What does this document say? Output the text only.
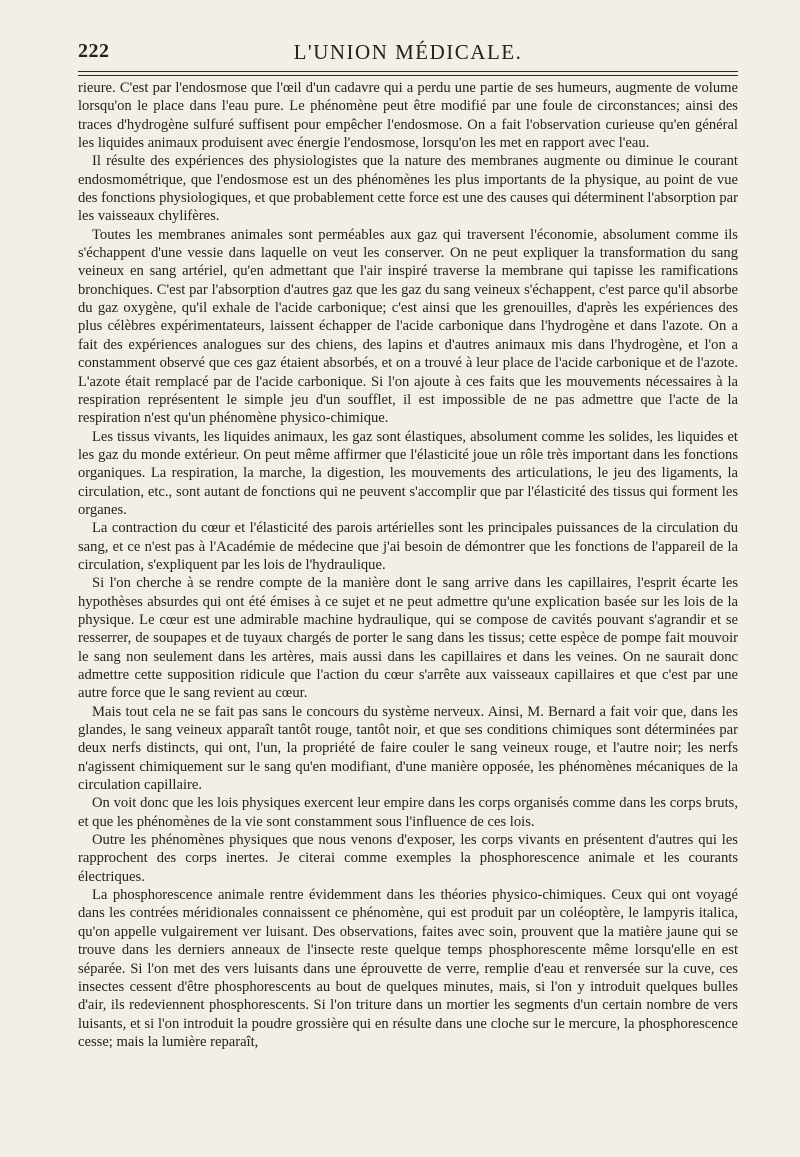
222	L'UNION MÉDICALE.

rieure. C'est par l'endosmose que l'œil d'un cadavre qui a perdu une partie de ses humeurs, augmente de volume lorsqu'on le place dans l'eau pure. Le phénomène peut être modifié par une foule de circonstances; ainsi des traces d'hydrogène sulfuré suffisent pour empêcher l'endosmose. On a fait l'observation curieuse qu'en général les liquides animaux produisent avec énergie l'endosmose, lorsqu'on les met en rapport avec l'eau.

Il résulte des expériences des physiologistes que la nature des membranes augmente ou diminue le courant endosmométrique, que l'endosmose est un des phénomènes les plus importants de la physique, au point de vue des fonctions physiologiques, et que probablement cette force est une des causes qui déterminent l'absorption par les vaisseaux chylifères.

Toutes les membranes animales sont perméables aux gaz qui traversent l'économie, absolument comme ils s'échappent d'une vessie dans laquelle on veut les conserver. On ne peut expliquer la transformation du sang veineux en sang artériel, qu'en admettant que l'air inspiré traverse la membrane qui tapisse les ramifications bronchiques. C'est par l'absorption d'autres gaz que les gaz du sang veineux s'échappent, c'est parce qu'il absorbe du gaz oxygène, qu'il exhale de l'acide carbonique; c'est ainsi que les grenouilles, d'après les expériences des plus célèbres expérimentateurs, laissent échapper de l'acide carbonique dans l'hydrogène et dans l'azote. On a fait des expériences analogues sur des chiens, des lapins et d'autres animaux mis dans l'hydrogène, et l'on a constamment observé que ces gaz étaient absorbés, et on a trouvé à leur place de l'acide carbonique et de l'azote. L'azote était remplacé par de l'acide carbonique. Si l'on ajoute à ces faits que les mouvements nécessaires à la respiration représentent le simple jeu d'un soufflet, il est impossible de ne pas admettre que l'acte de la respiration n'est qu'un phénomène physico-chimique.

Les tissus vivants, les liquides animaux, les gaz sont élastiques, absolument comme les solides, les liquides et les gaz du monde extérieur. On peut même affirmer que l'élasticité joue un rôle très important dans les fonctions organiques. La respiration, la marche, la digestion, les mouvements des articulations, le jeu des ligaments, la circulation, etc., sont autant de fonctions qui ne peuvent s'accomplir que par l'élasticité des tissus qui forment les organes.

La contraction du cœur et l'élasticité des parois artérielles sont les principales puissances de la circulation du sang, et ce n'est pas à l'Académie de médecine que j'ai besoin de démontrer que les fonctions de l'appareil de la circulation, s'expliquent par les lois de l'hydraulique.

Si l'on cherche à se rendre compte de la manière dont le sang arrive dans les capillaires, l'esprit écarte les hypothèses absurdes qui ont été émises à ce sujet et ne peut admettre qu'une explication basée sur les lois de la physique. Le cœur est une admirable machine hydraulique, qui se compose de cavités pouvant s'agrandir et se resserrer, de soupapes et de tuyaux chargés de porter le sang dans les tissus; cette espèce de pompe fait mouvoir le sang non seulement dans les artères, mais aussi dans les capillaires et dans les veines. On ne saurait donc admettre cette supposition ridicule que l'action du cœur s'arrête aux vaisseaux capillaires et que c'est par une autre force que le sang revient au cœur.

Mais tout cela ne se fait pas sans le concours du système nerveux. Ainsi, M. Bernard a fait voir que, dans les glandes, le sang veineux apparaît tantôt rouge, tantôt noir, et que ses conditions chimiques sont déterminées par deux nerfs distincts, qui ont, l'un, la propriété de faire couler le sang veineux rouge, et l'autre noir; les nerfs n'agissent chimiquement sur le sang qu'en modifiant, d'une manière opposée, les phénomènes mécaniques de la circulation capillaire.

On voit donc que les lois physiques exercent leur empire dans les corps organisés comme dans les corps bruts, et que les phénomènes de la vie sont constamment sous l'influence de ces lois.

Outre les phénomènes physiques que nous venons d'exposer, les corps vivants en présentent d'autres qui les rapprochent des corps inertes. Je citerai comme exemples la phosphorescence animale et les courants électriques.

La phosphorescence animale rentre évidemment dans les théories physico-chimiques. Ceux qui ont voyagé dans les contrées méridionales connaissent ce phénomène, qui est produit par un coléoptère, le lampyris italica, qu'on appelle vulgairement ver luisant. Des observations, faites avec soin, prouvent que la matière jaune qui se trouve dans les derniers anneaux de l'insecte reste quelque temps phosphorescente même lorsqu'elle en est séparée. Si l'on met des vers luisants dans une éprouvette de verre, remplie d'eau et renversée sur la cuve, ces insectes cessent d'être phosphorescents au bout de quelques minutes, mais, si l'on y introduit quelques bulles d'air, ils redeviennent phosphorescents. Si l'on triture dans un mortier les segments d'un certain nombre de vers luisants, et si l'on introduit la poudre grossière qui en résulte dans une cloche sur le mercure, la phosphorescence cesse; mais la lumière reparaît,
